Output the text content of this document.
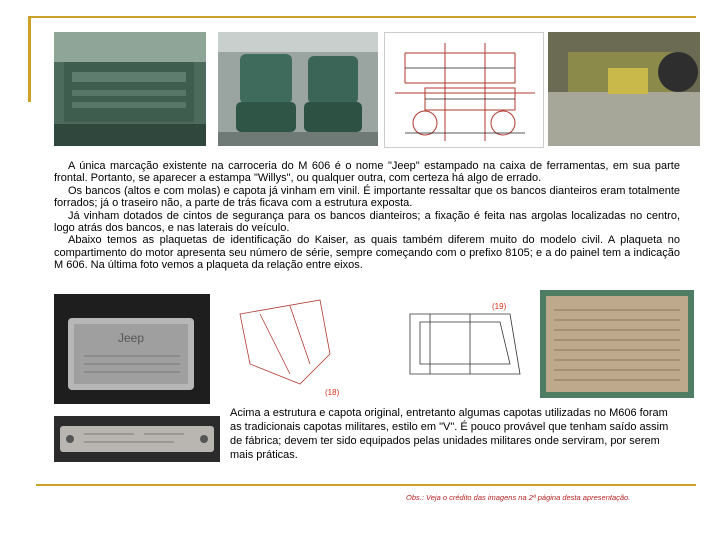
A única marcação existente na carroceria do M 606 é o nome "Jeep" estampado na caixa de ferramentas, em sua parte frontal. Portanto, se aparecer a estampa "Willys", ou qualquer outra, com certeza há algo de errado.

Os bancos (altos e com molas) e capota já vinham em vinil. É importante ressaltar que os bancos dianteiros eram totalmente forrados; já o traseiro não, a parte de trás ficava com a estrutura exposta.

Já vinham dotados de cintos de segurança para os bancos dianteiros; a fixação é feita nas argolas localizadas no centro, logo atrás dos bancos, e nas laterais do veículo.

Abaixo temos as plaquetas de identificação do Kaiser, as quais também diferem muito do modelo civil. A plaqueta no compartimento do motor apresenta seu número de série, sempre começando com o prefixo 8105; e a do painel tem a indicação M 606. Na última foto vemos a plaqueta da relação entre eixos.

Jeep
(19)
(18)

Acima a estrutura e capota original, entretanto algumas capotas utilizadas no M606 foram as tradicionais capotas militares, estilo em "V". É pouco provável que tenham saído assim de fábrica; devem ter sido equipados pelas unidades militares onde serviram, por serem mais práticas.

Obs.: Veja o crédito das imagens na 2ª página desta apresentação.
